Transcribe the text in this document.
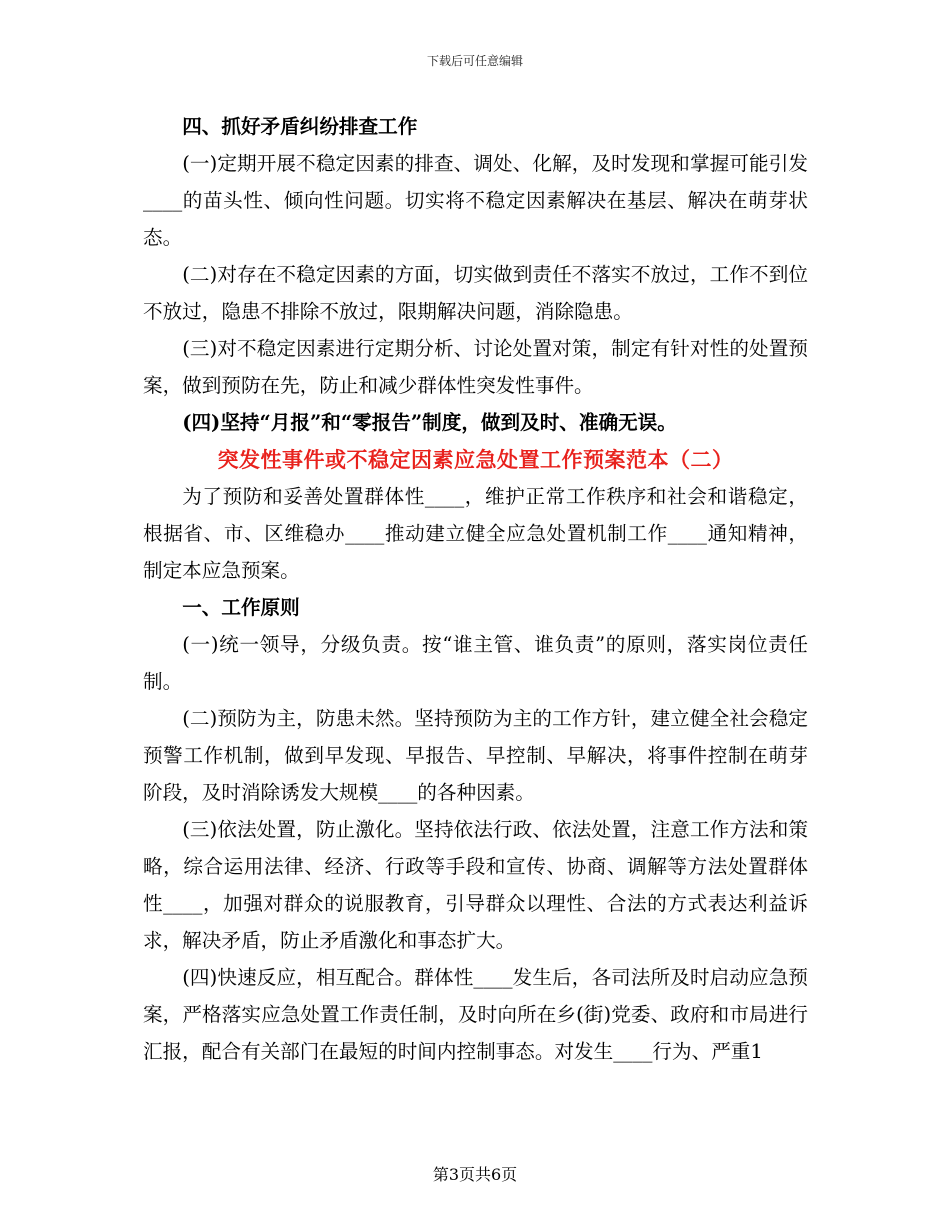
下载后可任意编辑

四、抓好矛盾纠纷排查工作

(一)定期开展不稳定因素的排查、调处、化解，及时发现和掌握可能引发____的苗头性、倾向性问题。切实将不稳定因素解决在基层、解决在萌芽状态。

(二)对存在不稳定因素的方面，切实做到责任不落实不放过，工作不到位不放过，隐患不排除不放过，限期解决问题，消除隐患。

(三)对不稳定因素进行定期分析、讨论处置对策，制定有针对性的处置预案，做到预防在先，防止和减少群体性突发性事件。

(四)坚持“月报”和“零报告”制度，做到及时、准确无误。

突发性事件或不稳定因素应急处置工作预案范本（二）

为了预防和妥善处置群体性____，维护正常工作秩序和社会和谐稳定，根据省、市、区维稳办____推动建立健全应急处置机制工作____通知精神，制定本应急预案。

一、工作原则

(一)统一领导，分级负责。按“谁主管、谁负责”的原则，落实岗位责任制。

(二)预防为主，防患未然。坚持预防为主的工作方针，建立健全社会稳定预警工作机制，做到早发现、早报告、早控制、早解决，将事件控制在萌芽阶段，及时消除诱发大规模____的各种因素。

(三)依法处置，防止激化。坚持依法行政、依法处置，注意工作方法和策略，综合运用法律、经济、行政等手段和宣传、协商、调解等方法处置群体性____，加强对群众的说服教育，引导群众以理性、合法的方式表达利益诉求，解决矛盾，防止矛盾激化和事态扩大。

(四)快速反应，相互配合。群体性____发生后，各司法所及时启动应急预案，严格落实应急处置工作责任制，及时向所在乡(街)党委、政府和市局进行汇报，配合有关部门在最短的时间内控制事态。对发生____行为、严重1

第3页共6页
